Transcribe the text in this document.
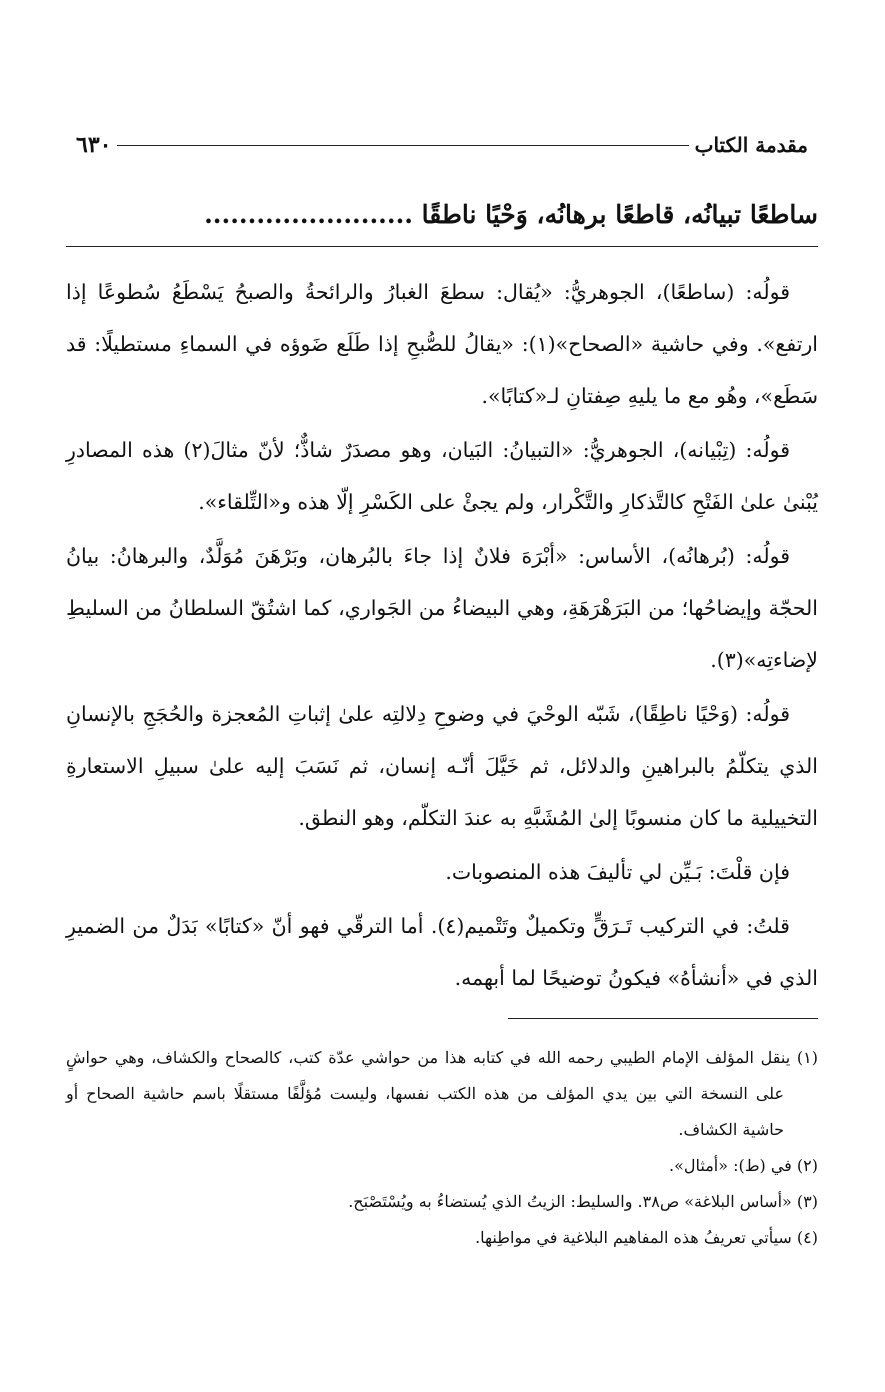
مقدمة الكتاب
٦٣٠
ساطعًا تبيانُه، قاطعًا برهانُه، وَحْيًا ناطقًا ........................

قولُه: (ساطعًا)، الجوهريُّ: «يُقال: سطعَ الغبارُ والرائحةُ والصبحُ يَسْطَعُ سُطوعًا إذا ارتفع». وفي حاشية «الصحاح»(١): «يقالُ للصُّبحِ إذا طَلَع ضَوؤه في السماءِ مستطيلًا: قد سَطَع»، وهُو مع ما يليهِ صِفتانِ لـ«كتابًا».

قولُه: (تِبْيانه)، الجوهريُّ: «التبيانُ: البَيان، وهو مصدَرٌ شاذٌّ؛ لأنّ مثالَ(٢) هذه المصادرِ يُبْنىٰ علىٰ الفَتْحِ كالتَّذكارِ والتَّكْرار، ولم يجئْ على الكَسْرِ إلّا هذه و«التِّلقاء».

قولُه: (بُرهانُه)، الأساس: «أبْرَهَ فلانٌ إذا جاءَ بالبُرهان، وبَرْهَنَ مُوَلَّدٌ، والبرهانُ: بيانُ الحجّة وإيضاحُها؛ من البَرَهْرَهَةِ، وهي البيضاءُ من الجَواري، كما اشتُقّ السلطانُ من السليطِ لإضاءتِه»(٣).

قولُه: (وَحْيًا ناطِقًا)، شَبّه الوحْيَ في وضوحِ دِلالتِه علىٰ إثباتِ المُعجزة والحُجَجِ بالإنسانِ الذي يتكلّمُ بالبراهينِ والدلائل، ثم خَيَّلَ أنّـه إنسان، ثم نَسَبَ إليه علىٰ سبيلِ الاستعارةِ التخييلية ما كان منسوبًا إلىٰ المُشَبَّهِ به عندَ التكلّم، وهو النطق.

فإن قلْتَ: بَـيِّن لي تأليفَ هذه المنصوبات.

قلتُ: في التركيب تَـرَقٍّ وتكميلٌ وتَتْميم(٤). أما الترقّي فهو أنّ «كتابًا» بَدَلٌ من الضميرِ الذي في «أنشأهُ» فيكونُ توضيحًا لما أبهمه.

(١) ينقل المؤلف الإمام الطيبي رحمه الله في كتابه هذا من حواشي عدّة كتب، كالصحاح والكشاف، وهي حواشٍ على النسخة التي بين يدي المؤلف من هذه الكتب نفسها، وليست مُؤلَّفًا مستقلًا باسم حاشية الصحاح أو حاشية الكشاف.

(٢) في (ط): «أمثال».

(٣) «أساس البلاغة» ص٣٨. والسليط: الزيتُ الذي يُستضاءُ به ويُسْتَصْبَح.

(٤) سيأتي تعريفُ هذه المفاهيم البلاغية في مواطِنها.
